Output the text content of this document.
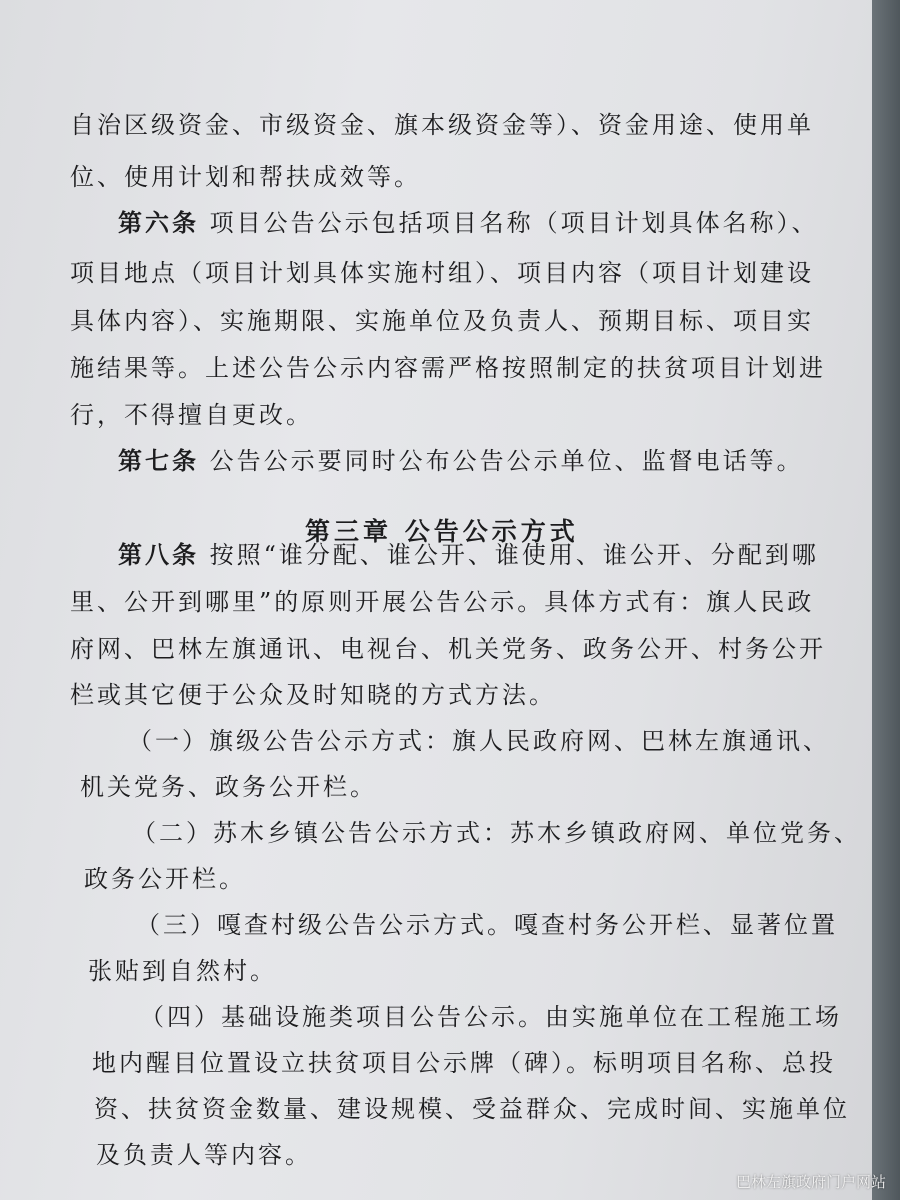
自治区级资金、市级资金、旗本级资金等）、资金用途、使用单

位、使用计划和帮扶成效等。

第六条 项目公告公示包括项目名称（项目计划具体名称）、

项目地点（项目计划具体实施村组）、项目内容（项目计划建设

具体内容）、实施期限、实施单位及负责人、预期目标、项目实

施结果等。上述公告公示内容需严格按照制定的扶贫项目计划进

行，不得擅自更改。

第七条 公告公示要同时公布公告公示单位、监督电话等。

第三章 公告公示方式

第八条 按照“谁分配、谁公开、谁使用、谁公开、分配到哪

里、公开到哪里”的原则开展公告公示。具体方式有：旗人民政

府网、巴林左旗通讯、电视台、机关党务、政务公开、村务公开

栏或其它便于公众及时知晓的方式方法。

（一）旗级公告公示方式：旗人民政府网、巴林左旗通讯、

机关党务、政务公开栏。

（二）苏木乡镇公告公示方式：苏木乡镇政府网、单位党务、

政务公开栏。

（三）嘎查村级公告公示方式。嘎查村务公开栏、显著位置

张贴到自然村。

（四）基础设施类项目公告公示。由实施单位在工程施工场

地内醒目位置设立扶贫项目公示牌（碑）。标明项目名称、总投

资、扶贫资金数量、建设规模、受益群众、完成时间、实施单位

及负责人等内容。

巴林左旗政府门户网站
